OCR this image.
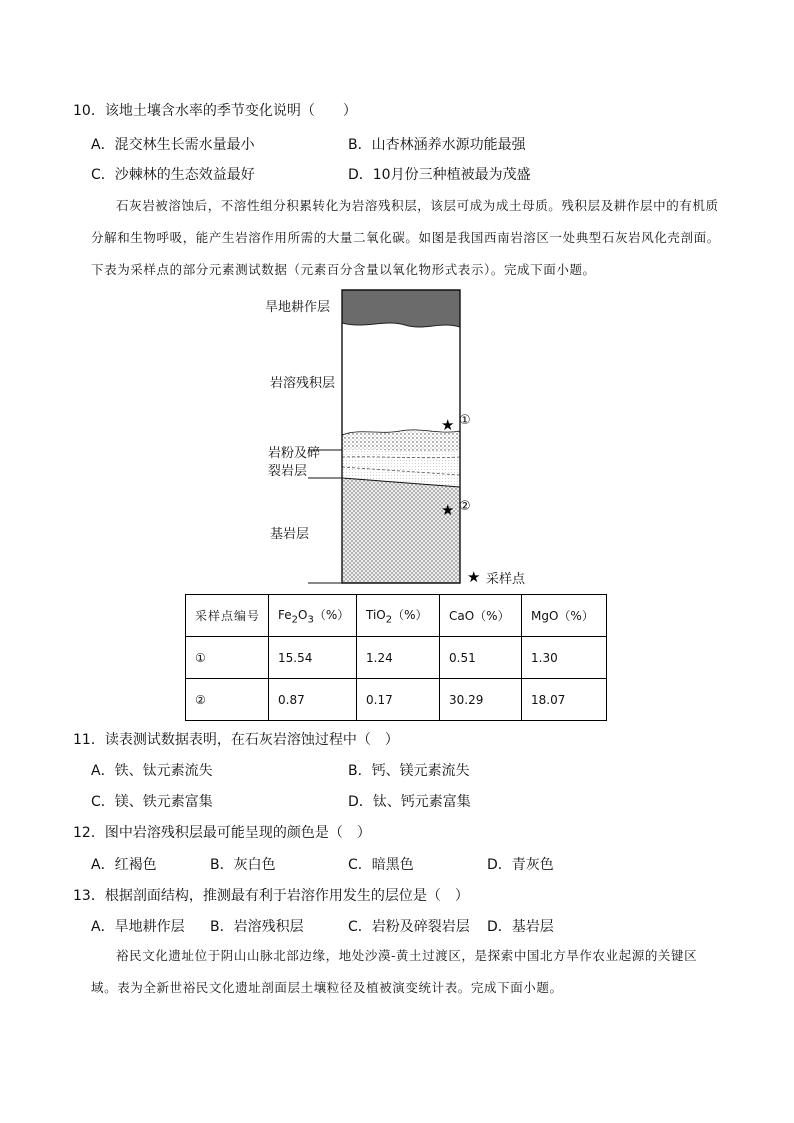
10．该地土壤含水率的季节变化说明（　　）
A．混交林生长需水量最小	B．山杏林涵养水源功能最强
C．沙棘林的生态效益最好	D．10月份三种植被最为茂盛
石灰岩被溶蚀后，不溶性组分积累转化为岩溶残积层，该层可成为成土母质。残积层及耕作层中的有机质分解和生物呼吸，能产生岩溶作用所需的大量二氧化碳。如图是我国西南岩溶区一处典型石灰岩风化壳剖面。下表为采样点的部分元素测试数据（元素百分含量以氧化物形式表示）。完成下面小题。
★
★
★
旱地耕作层
岩溶残积层
岩粉及碎
裂岩层
基岩层
①
②
采样点
采样点编号	$Fe_2O_3(\%)$	TiO$_2$（%）	CaO（%）	MgO（%）
①	15.54	1.24	0.51	1.30
②	0.87	0.17	30.29	18.07
11．读表测试数据表明，在石灰岩溶蚀过程中（　）
A．铁、钛元素流失	B．钙、镁元素流失
C．镁、铁元素富集	D．钛、钙元素富集
12．图中岩溶残积层最可能呈现的颜色是（　）
A．红褐色	B．灰白色	C．暗黑色	D．青灰色
13．根据剖面结构，推测最有利于岩溶作用发生的层位是（　）
A．旱地耕作层 B．岩溶残积层	C．岩粉及碎裂岩层 D．基岩层
裕民文化遗址位于阴山山脉北部边缘，地处沙漠-黄土过渡区，是探索中国北方旱作农业起源的关键区域。表为全新世裕民文化遗址剖面层土壤粒径及植被演变统计表。完成下面小题。
